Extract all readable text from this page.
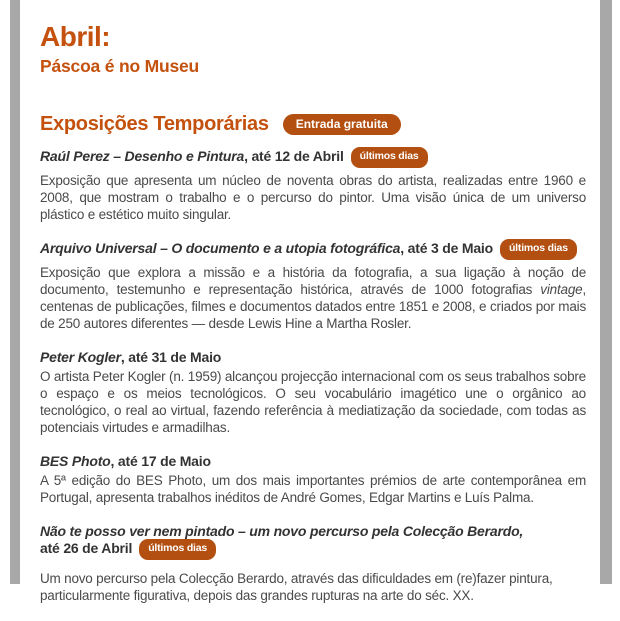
Abril:
Páscoa é no Museu
Exposições Temporárias	Entrada gratuita
Raúl Perez – Desenho e Pintura, até 12 de Abril últimos dias

Exposição que apresenta um núcleo de noventa obras do artista, realizadas entre 1960 e 2008, que mostram o trabalho e o percurso do pintor. Uma visão única de um universo plástico e estético muito singular.

Arquivo Universal – O documento e a utopia fotográfica, até 3 de Maio últimos dias

Exposição que explora a missão e a história da fotografia, a sua ligação à noção de documento, testemunho e representação histórica, através de 1000 fotografias vintage, centenas de publicações, filmes e documentos datados entre 1851 e 2008, e criados por mais de 250 autores diferentes — desde Lewis Hine a Martha Rosler.

Peter Kogler, até 31 de Maio

O artista Peter Kogler (n. 1959) alcançou projecção internacional com os seus trabalhos sobre o espaço e os meios tecnológicos. O seu vocabulário imagético une o orgânico ao tecnológico, o real ao virtual, fazendo referência à mediatização da sociedade, com todas as potenciais virtudes e armadilhas.

BES Photo, até 17 de Maio

A 5ª edição do BES Photo, um dos mais importantes prémios de arte contemporânea em Portugal, apresenta trabalhos inéditos de André Gomes, Edgar Martins e Luís Palma.

Não te posso ver nem pintado – um novo percurso pela Colecção Berardo,
até 26 de Abril últimos dias

Um novo percurso pela Colecção Berardo, através das dificuldades em (re)fazer pintura, particularmente figurativa, depois das grandes rupturas na arte do séc. XX.
